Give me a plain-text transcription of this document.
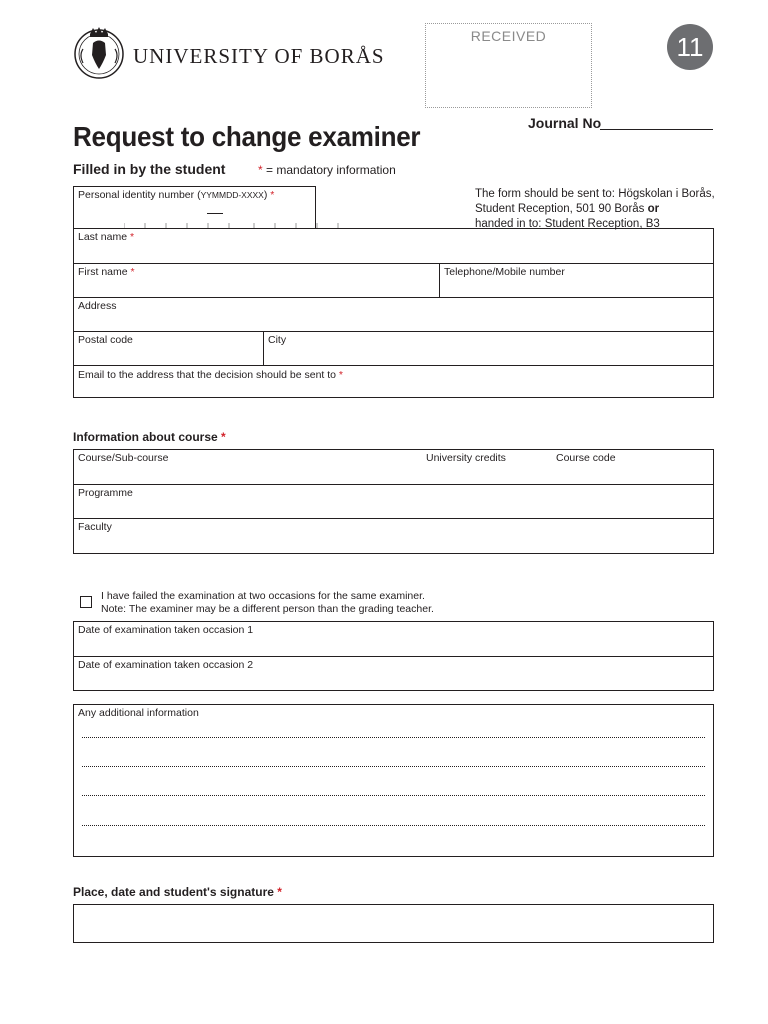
UNIVERSITY OF BORÅS
RECEIVED	11
Journal No
Request to change examiner
Filled in by the student	* = mandatory information
The form should be sent to: Högskolan i Borås,
Student Reception, 501 90 Borås or
handed in to: Student Reception, B3
Personal identity number (YYMMDD-XXXX) *
Last name *
First name *	Telephone/Mobile number
Address
Postal code	City
Email to the address that the decision should be sent to *
Information about course *
Course/Sub-course	University credits	Course code
Programme
Faculty
I have failed the examination at two occasions for the same examiner.
Note: The examiner may be a different person than the grading teacher.
Date of examination taken occasion 1
Date of examination taken occasion 2
Any additional information
Place, date and student's signature *
